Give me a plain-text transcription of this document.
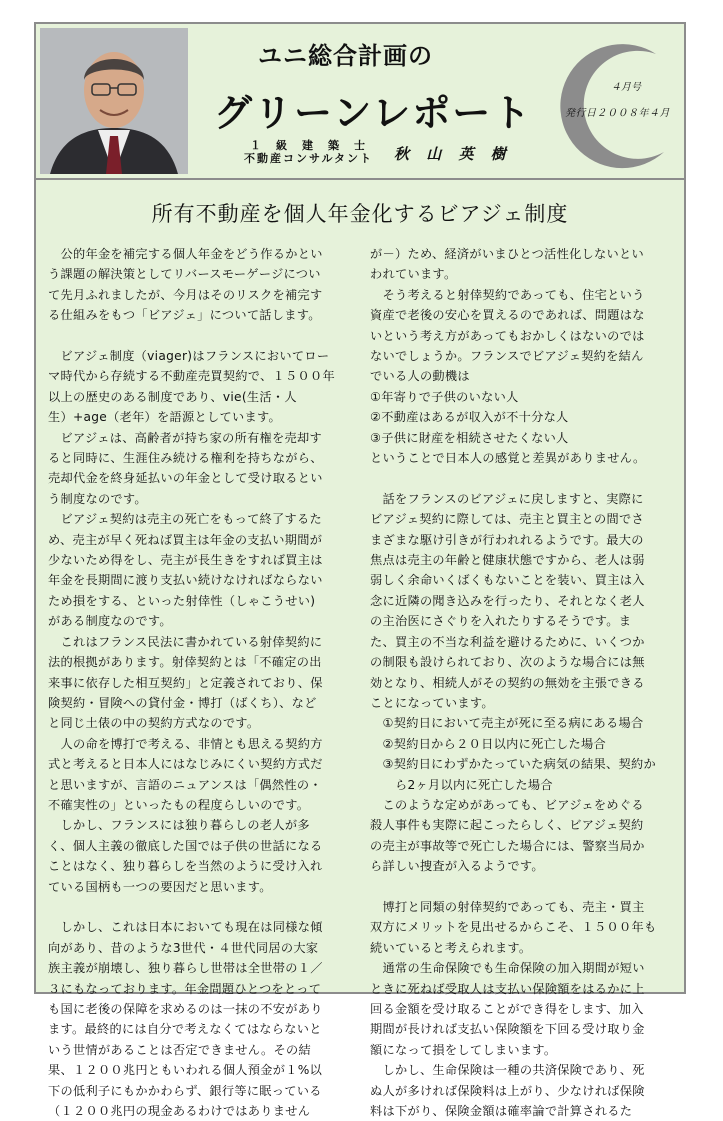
ユニ総合計画の
グリーンレポート
１　級　建　築　士
不動産コンサルタント 秋 山 英 樹
４月号
発行日２００８年４月
所有不動産を個人年金化するビアジェ制度

　公的年金を補完する個人年金をどう作るかとい

う課題の解決策としてリバースモーゲージについ

て先月ふれましたが、今月はそのリスクを補完す

る仕組みをもつ「ビアジェ」について話します。

　ビアジェ制度（viager)はフランスにおいてロー

マ時代から存続する不動産売買契約で、１５００年

以上の歴史のある制度であり、vie(生活・人

生）+age（老年）を語源としています。

　ビアジェは、高齢者が持ち家の所有権を売却す

ると同時に、生涯住み続ける権利を持ちながら、

売却代金を終身延払いの年金として受け取るとい

う制度なのです。

　ビアジェ契約は売主の死亡をもって終了するた

め、売主が早く死ねば買主は年金の支払い期間が

少ないため得をし、売主が長生きをすれば買主は

年金を長期間に渡り支払い続けなければならない

ため損をする、といった射倖性（しゃこうせい)

がある制度なのです。

　これはフランス民法に書かれている射倖契約に

法的根拠があります。射倖契約とは「不確定の出

来事に依存した相互契約」と定義されており、保

険契約・冒険への貸付金・博打（ばくち）、など

と同じ土俵の中の契約方式なのです。

　人の命を博打で考える、非情とも思える契約方

式と考えると日本人にはなじみにくい契約方式だ

と思いますが、言語のニュアンスは「偶然性の・

不確実性の」といったもの程度らしいのです。

　しかし、フランスには独り暮らしの老人が多

く、個人主義の徹底した国では子供の世話になる

ことはなく、独り暮らしを当然のように受け入れ

ている国柄も一つの要因だと思います。

　しかし、これは日本においても現在は同様な傾

向があり、昔のような3世代・４世代同居の大家

族主義が崩壊し、独り暮らし世帯は全世帯の１／

３にもなっております。年金問題ひとつをとって

も国に老後の保障を求めるのは一抹の不安があり

ます。最終的には自分で考えなくてはならないと

いう世情があることは否定できません。その結

果、１２００兆円ともいわれる個人預金が１%以

下の低利子にもかかわらず、銀行等に眠っている

（１２００兆円の現金あるわけではありません

が－）ため、経済がいまひとつ活性化しないとい

われています。

　そう考えると射倖契約であっても、住宅という

資産で老後の安心を買えるのであれば、問題はな

いという考え方があってもおかしくはないのでは

ないでしょうか。フランスでビアジェ契約を結ん

でいる人の動機は

①年寄りで子供のいない人

②不動産はあるが収入が不十分な人

③子供に財産を相続させたくない人

ということで日本人の感覚と差異がありません。

　話をフランスのビアジェに戻しますと、実際に

ビアジェ契約に際しては、売主と買主との間でさ

まざまな駆け引きが行われれるようです。最大の

焦点は売主の年齢と健康状態ですから、老人は弱

弱しく余命いくばくもないことを装い、買主は入

念に近隣の聞き込みを行ったり、それとなく老人

の主治医にさぐりを入れたりするそうです。ま

た、買主の不当な利益を避けるために、いくつか

の制限も設けられており、次のような場合には無

効となり、相続人がその契約の無効を主張できる

ことになっています。

　①契約日において売主が死に至る病にある場合

　②契約日から２０日以内に死亡した場合

　③契約日にわずかたっていた病気の結果、契約か

　　ら2ヶ月以内に死亡した場合

　このような定めがあっても、ビアジェをめぐる

殺人事件も実際に起こったらしく、ビアジェ契約

の売主が事故等で死亡した場合には、警察当局か

ら詳しい捜査が入るようです。

　博打と同類の射倖契約であっても、売主・買主

双方にメリットを見出せるからこそ、１５００年も

続いていると考えられます。

　通常の生命保険でも生命保険の加入期間が短い

ときに死ねば受取人は支払い保険額をはるかに上

回る金額を受け取ることができ得をします、加入

期間が長ければ支払い保険額を下回る受け取り金

額になって損をしてしまいます。

　しかし、生命保険は一種の共済保険であり、死

ぬ人が多ければ保険料は上がり、少なければ保険

料は下がり、保険金額は確率論で計算されるた
